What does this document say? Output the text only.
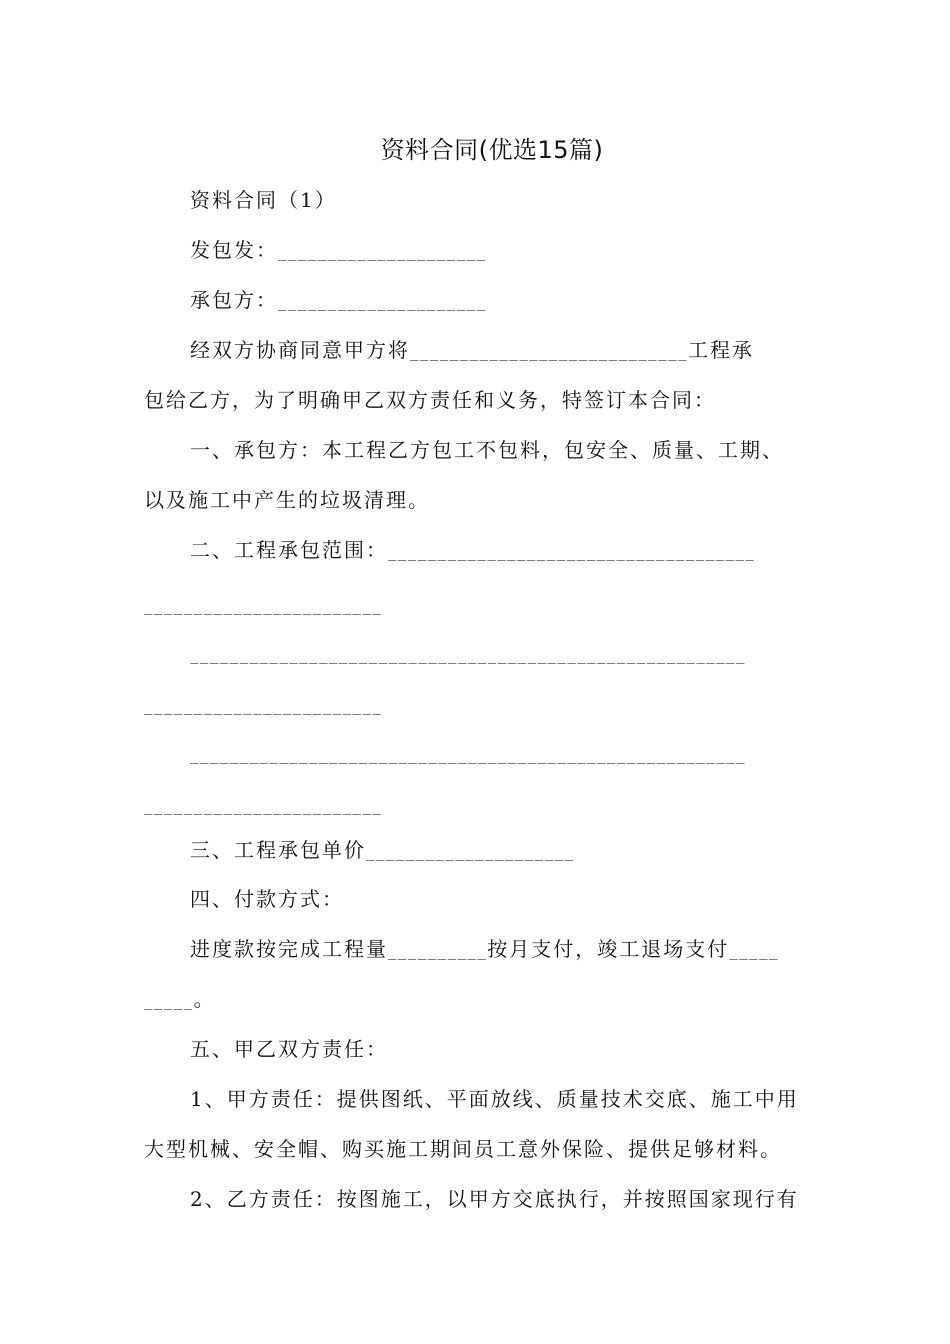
资料合同(优选15篇)
资料合同（1）
发包发：_____________________
承包方：_____________________
经双方协商同意甲方将____________________________工程承
包给乙方，为了明确甲乙双方责任和义务，特签订本合同：
一、承包方：本工程乙方包工不包料，包安全、质量、工期、
以及施工中产生的垃圾清理。
二、工程承包范围：_____________________________________
________________________
________________________________________________________
________________________
________________________________________________________
________________________
三、工程承包单价_____________________
四、付款方式：
进度款按完成工程量__________按月支付，竣工退场支付_____
_____。
五、甲乙双方责任：
1、甲方责任：提供图纸、平面放线、质量技术交底、施工中用
大型机械、安全帽、购买施工期间员工意外保险、提供足够材料。
2、乙方责任：按图施工，以甲方交底执行，并按照国家现行有
